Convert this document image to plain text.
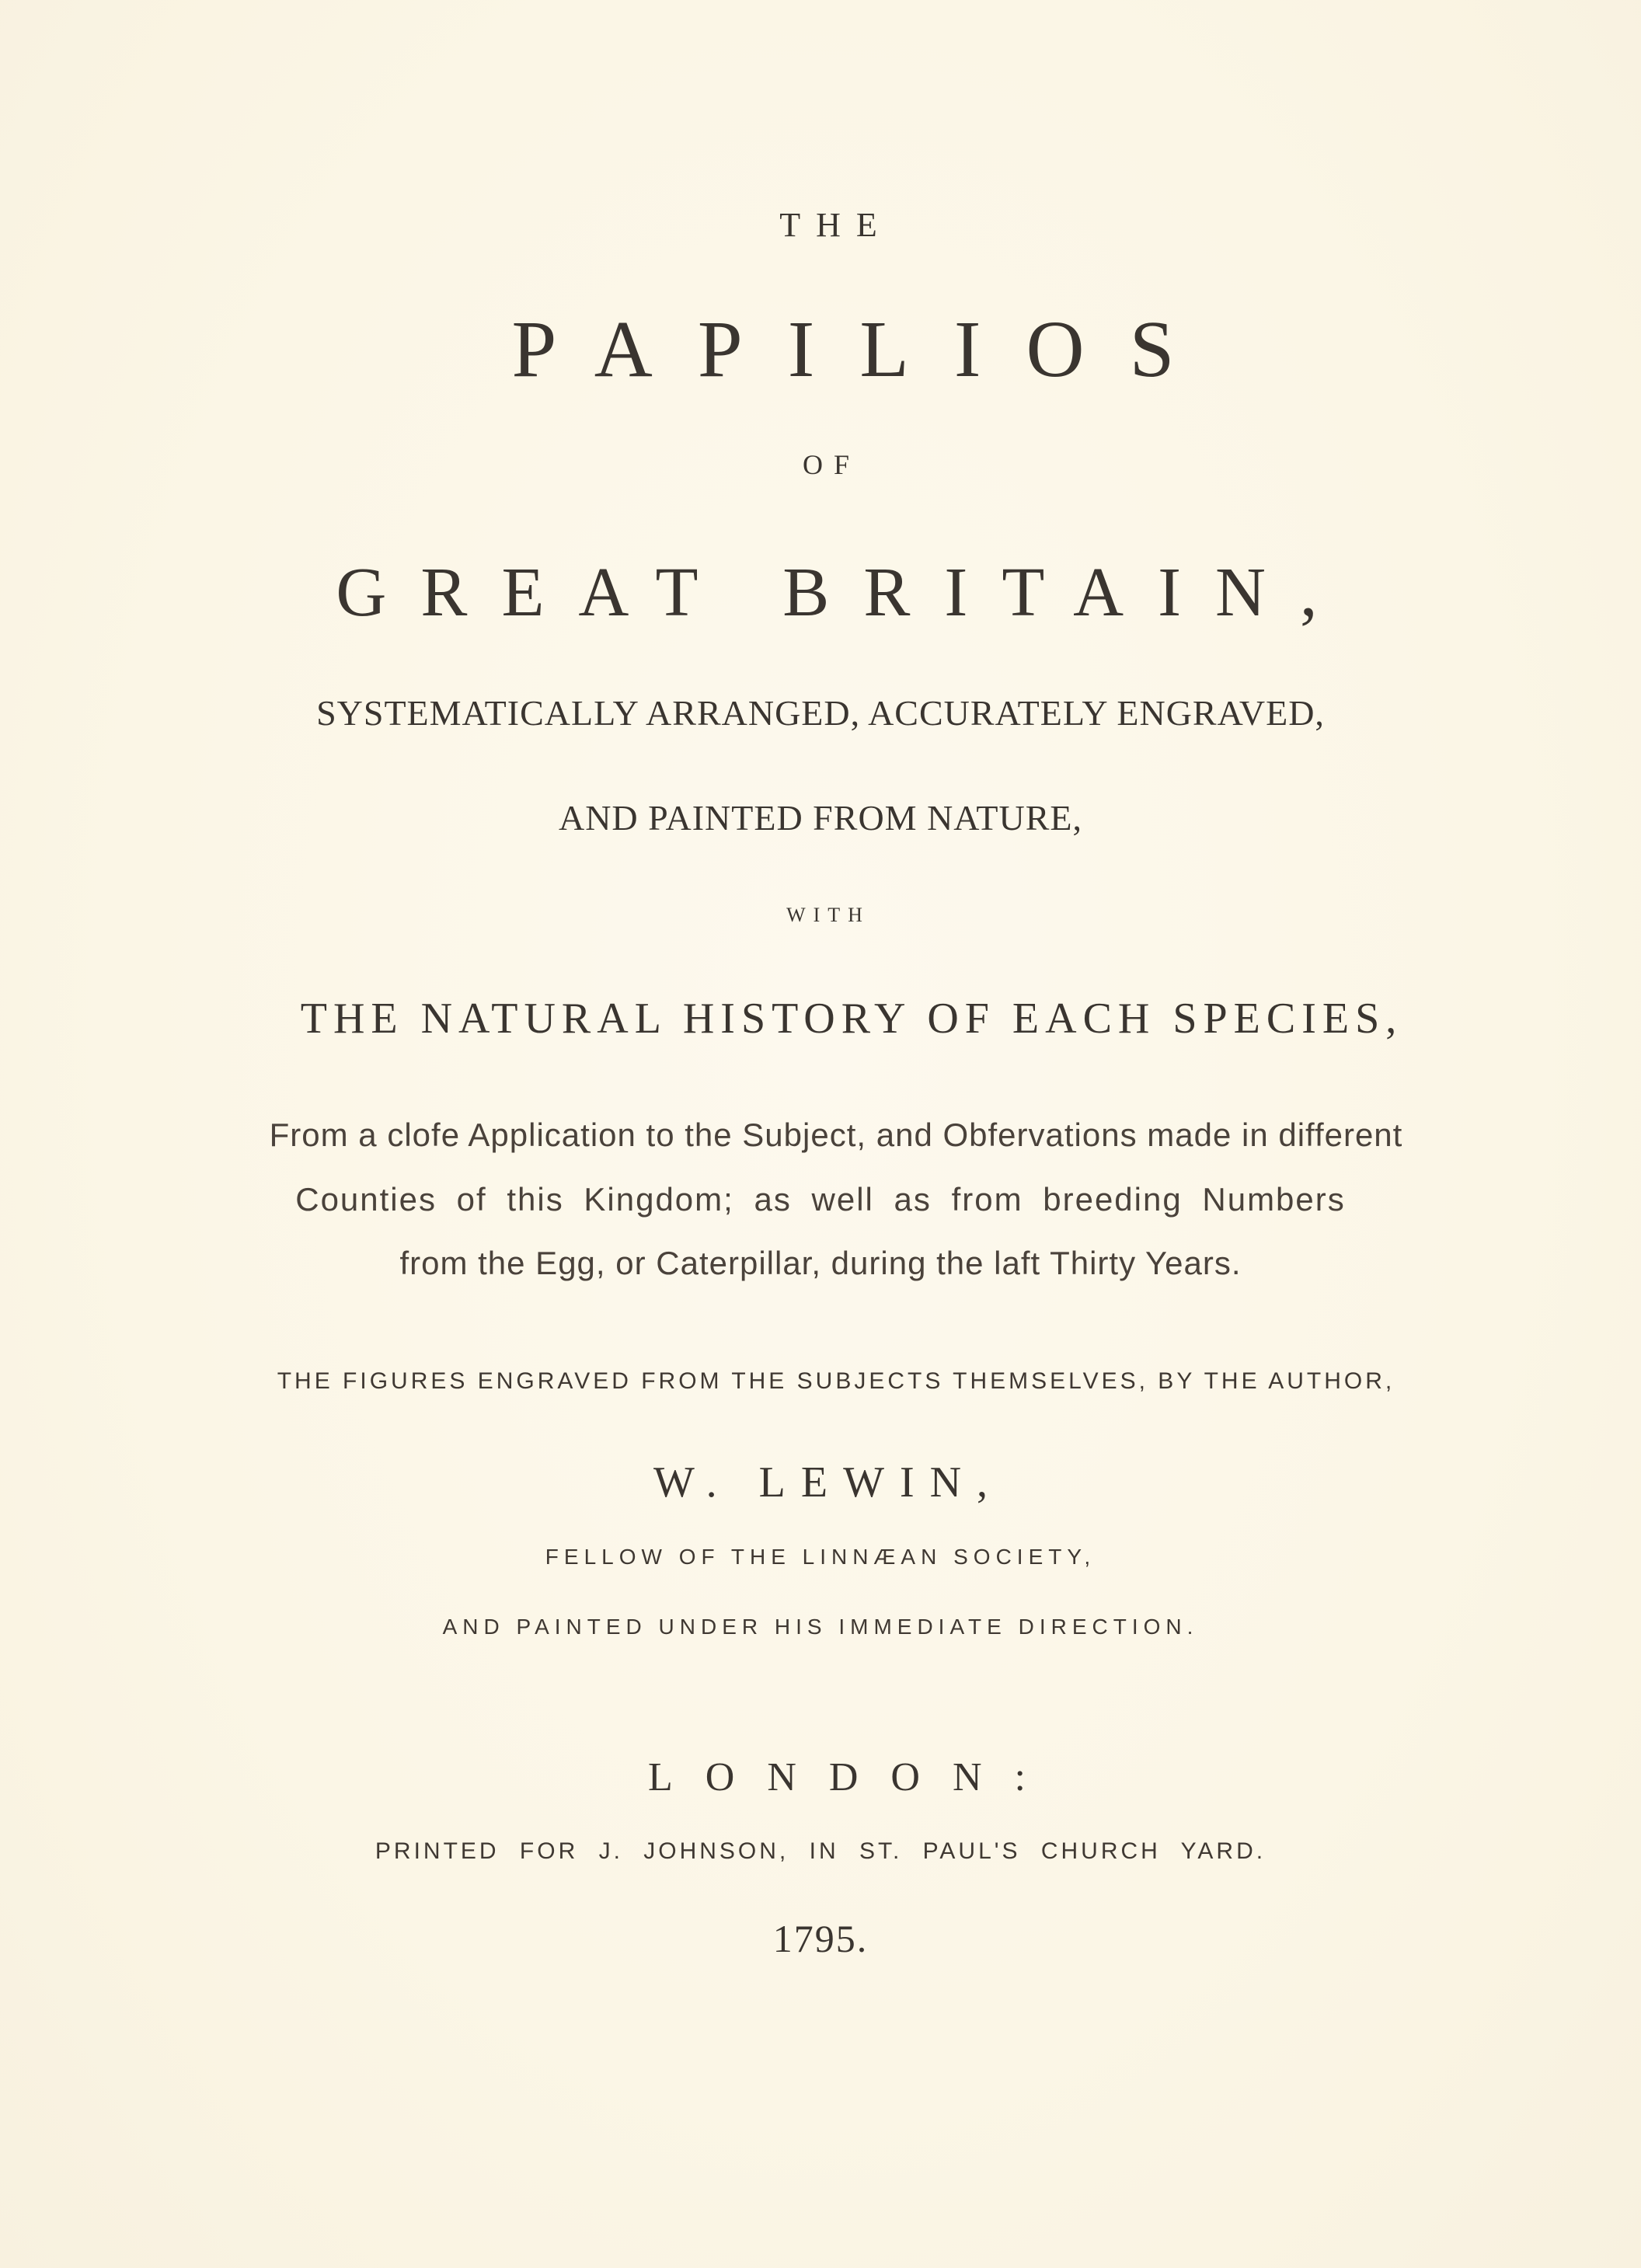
THE
PAPILIOS
OF
GREAT BRITAIN,
SYSTEMATICALLY ARRANGED, ACCURATELY ENGRAVED,
AND PAINTED FROM NATURE,
WITH
THE NATURAL HISTORY OF EACH SPECIES,
From a clofe Application to the Subject, and Obfervations made in different
Counties of this Kingdom; as well as from breeding Numbers
from the Egg, or Caterpillar, during the laft Thirty Years.
THE FIGURES ENGRAVED FROM THE SUBJECTS THEMSELVES, BY THE AUTHOR,
W. LEWIN,
FELLOW OF THE LINNÆAN SOCIETY,
AND PAINTED UNDER HIS IMMEDIATE DIRECTION.
LONDON:
PRINTED FOR J. JOHNSON, IN ST. PAUL'S CHURCH YARD.
1795.
